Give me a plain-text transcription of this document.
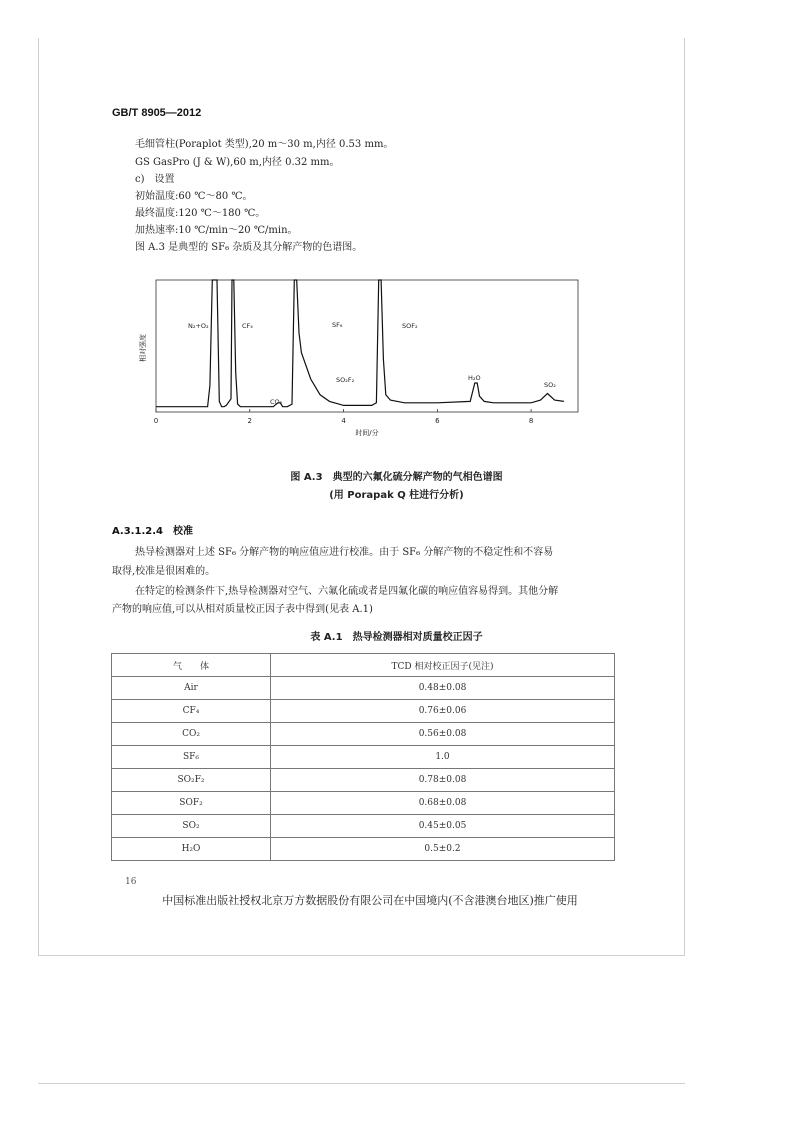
GB/T 8905—2012
毛细管柱(Poraplot 类型),20 m～30 m,内径 0.53 mm。
GS GasPro (J & W),60 m,内径 0.32 mm。
c)　设置
初始温度:60 ℃～80 ℃。
最终温度:120 ℃～180 ℃。
加热速率:10 ℃/min～20 ℃/min。
图 A.3 是典型的 SF₆ 杂质及其分解产物的色谱图。
0	2	4	6	8
相对强度
时间/分
N₂+O₂	CF₄
CO₂
SF₆
SO₂F₂
SOF₂
H₂O
SO₂
图 A.3　典型的六氟化硫分解产物的气相色谱图
(用 Porapak Q 柱进行分析)
A.3.1.2.4　校准
热导检测器对上述 SF₆ 分解产物的响应值应进行校准。由于 SF₆ 分解产物的不稳定性和不容易
取得,校准是很困难的。
在特定的检测条件下,热导检测器对空气、六氟化硫或者是四氟化碳的响应值容易得到。其他分解
产物的响应值,可以从相对质量校正因子表中得到(见表 A.1)
表 A.1　热导检测器相对质量校正因子
气　　体	TCD 相对校正因子(见注)
Air	0.48±0.08
CF₄	0.76±0.06
CO₂	0.56±0.08
SF₆	1.0
SO₂F₂	0.78±0.08
SOF₂	0.68±0.08
SO₂	0.45±0.05
H₂O	0.5±0.2
16
中国标准出版社授权北京万方数据股份有限公司在中国境内(不含港澳台地区)推广使用
